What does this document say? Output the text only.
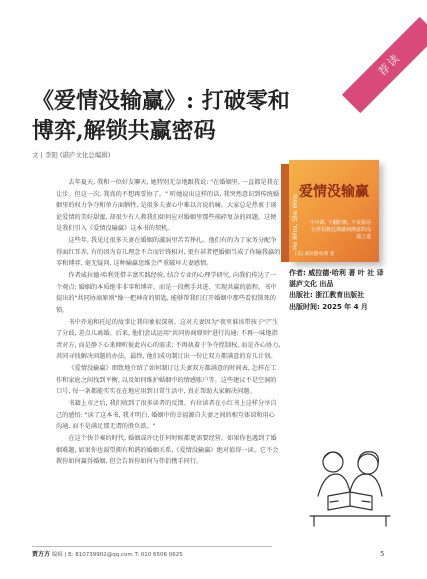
荐读
《爱情没输赢》: 打破零和
博弈,解锁共赢密码
文 | 李阳 (湛庐文化总编辑)

去年夏天, 我和一位好友聊天, 她特别无奈地跟我说: "在婚姻里, 一直都是我在让步。但这一次, 我真的不想再妥协了。" 听她说出这样的话, 我突然意识到传统婚姻里的权力争夺和单方面牺牲, 是很多夫妻心中难以言说的痛。大家总是热衷于谈论爱情的美好甜蜜, 却很少有人教我们如何应对婚姻里那些琐碎复杂的问题。这便是我们引入《爱情没输赢》这本书的契机。

这些年, 我见过很多夫妻在婚姻的漩涡里苦苦挣扎。他们有的为了家务分配争得面红耳赤, 有的因为育儿理念不合而针锋相对, 更有甚者把婚姻当成了你输我赢的零和博弈, 毫无疑问, 这种输赢思维会严重破坏夫妻感情。

作者威拉德·哈利凭借丰富实践经验, 结合专业的心理学研究, 向我们传达了一个观点: 婚姻的本质绝非非零和博弈。而是一段携手共进、实现共赢的旅程。书中提出的"共同协商原则"像一把神奇的钥匙, 能够帮我们打开婚姻中那些看似锁死的锁。

书中乔迪和托尼的故事让我印象很深刻。这对夫妻因为"夜里谁该带孩子"产生了分歧, 差点儿离婚。后来, 他们尝试运用"共同协商原则"进行沟通: 不再一味地指责对方, 而是静下心来倾听彼此内心的需求; 不再执着于争夺控制权, 而是齐心协力, 共同寻找解决问题的办法。最终, 他们成功制订出一份让双方都满意的育儿计划。

《爱情没输赢》细致地介绍了如何制订让夫妻双方都满意的时间表, 怎样在工作和家庭之间找到平衡, 以及如何维护婚姻中的情感账户等。这些建议不是空洞的口号, 每一条都能实实在在地应用到日常生活中, 真正帮助大家解决问题。

书籍上市之后, 我们收到了很多读者的反馈。有位读者在小红书上这样分享自己的感悟: "读了这本书, 我才明白, 婚姻中的幸福源自夫妻之间的相互体谅和用心沟通, 而不是满足那无谓的胜负欲。"

在这个快节奏的时代, 婚姻或许比任何时候都更需要经营。如果你也遇到了婚姻难题, 如果你也渴望拥有和谐的婚姻关系,《爱情没输赢》绝对值得一读。它不会教你如何赢得婚姻, 但会告诉你如何与伴侣携手同行。

He Wins, She Wins
爱情没输赢
不冷战, 不翻旧账, 不说狠话 让伴侣彼此都感到满意的沟通之道
[美] 威拉德·哈利 著
作者: 威拉德·哈利 著 叶 社 译
湛庐文化 出品
出版社: 浙江教育出版社
出版时间: 2025 年 4 月
贾方方 编辑 | E: 810739902@qq.com T: 010 6506 0625	5
